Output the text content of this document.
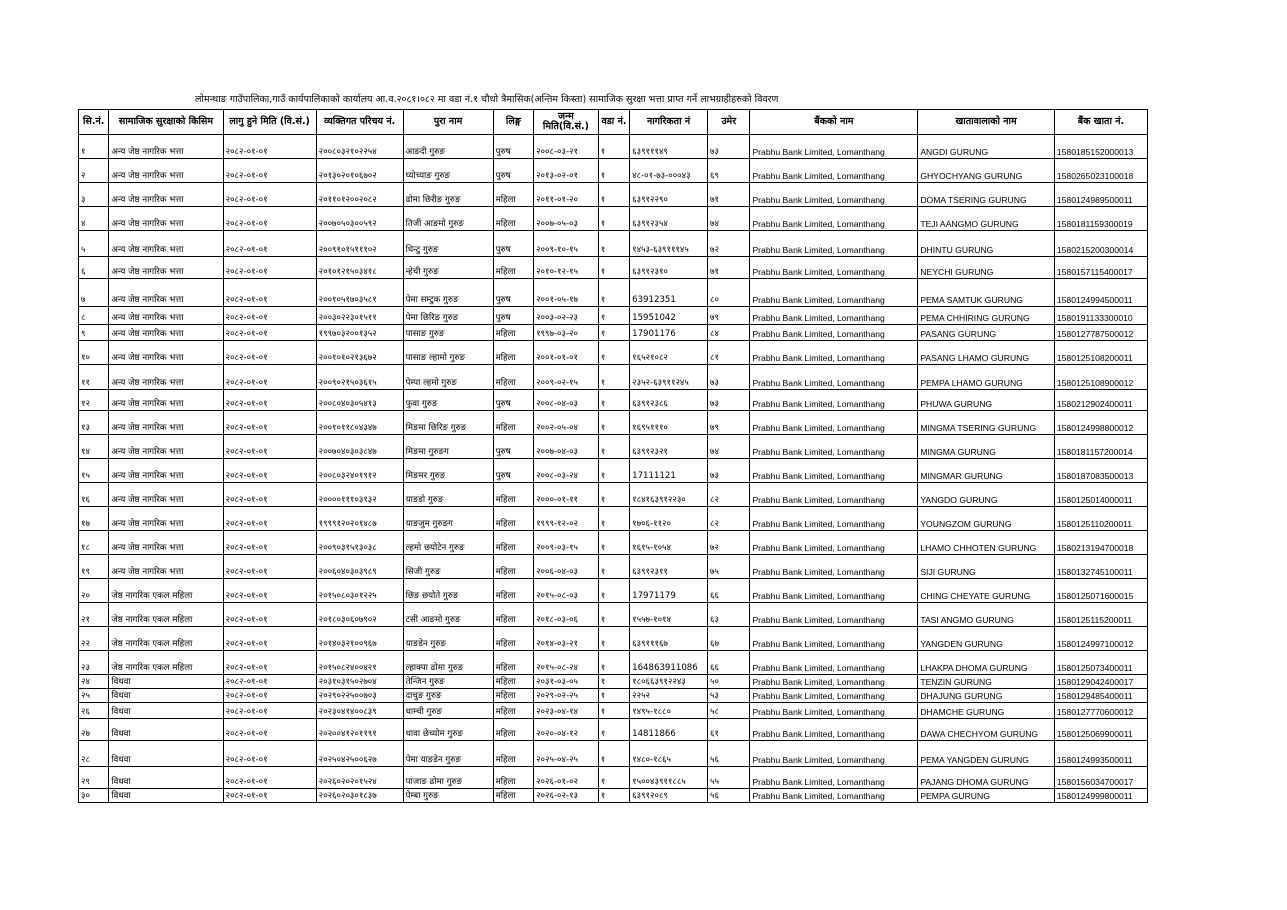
लोमन्थाङ गाउँपालिका,गाउँ कार्यपालिकाको कार्यालय आ.व.२०८१।०८२ मा वडा नं.१ चौथो त्रैमासिक(अन्तिम किस्ता) सामाजिक सुरक्षा भत्ता प्राप्त गर्ने लाभग्राहीहरुको विवरण
सि.नं.	सामाजिक सुरक्षाको किसिम	लागु हुने मिति (वि.सं.)	व्यक्तिगत परिचय नं.	पुरा नाम	लिङ्ग	जन्म मिति(वि.सं.)	वडा नं.	नागरिकता नं	उमेर	बैंकको नाम	खातावालाको नाम	बैंक खाता नं.
१	अन्य जेष्ठ नागरिक भत्ता	२०८२-०१-०१	२००८०३२१०२२५४	आङदी गुरुङ	पुरुष	२००८-०३-२१	१	६३९१११४९	७३	Prabhu Bank Limited, Lomanthang	ANGDI GURUNG	1580185152000013
२	अन्य जेष्ठ नागरिक भत्ता	२०८२-०१-०१	२०१३०२०१०६७०२	घ्योच्याङ गुरुङ	पुरुष	२०१३-०२-०१	१	४८-०१-७३-०००४३	६९	Prabhu Bank Limited, Lomanthang	GHYOCHYANG GURUNG	1580265023100018
३	अन्य जेष्ठ नागरिक भत्ता	२०८२-०१-०१	२०११०१२००२०८२	ढोमा छिरीङ गुरुङ	महिला	२०११-०१-२०	१	६३९१२२९०	७१	Prabhu Bank Limited, Lomanthang	DOMA TSERING GURUNG	1580124989500011
४	अन्य जेष्ठ नागरिक भत्ता	२०८२-०१-०१	२००७०५०३००५९२	तिजी आङमो गुरुङ	महिला	२००७-०५-०३	१	६३९१२३५४	७४	Prabhu Bank Limited, Lomanthang	TEJI AANGMO GURUNG	1580181159300019
५	अन्य जेष्ठ नागरिक भत्ता	२०८२-०१-०१	२००९१०१५१११०२	धिन्टु गुरुङ	पुरुष	२००९-१०-१५	१	१४५३-६३९१११४५	७२	Prabhu Bank Limited, Lomanthang	DHINTU GURUNG	1580215200300014
६	अन्य जेष्ठ नागरिक भत्ता	२०८२-०१-०१	२०१०१२१५०३४१८	न्हेची गुरुङ	महिला	२०१०-१२-१५	१	६३९१२३१०	७१	Prabhu Bank Limited, Lomanthang	NEYCHI GURUNG	1580157115400017
७	अन्य जेष्ठ नागरिक भत्ता	२०८२-०१-०१	२००१०५१७०३५८१	पेमा सम्टुक गुरुङ	पुरुष	२००१-०५-१७	१	63912351	८०	Prabhu Bank Limited, Lomanthang	PEMA SAMTUK GURUNG	1580124994500011
८	अन्य जेष्ठ नागरिक भत्ता	२०८२-०१-०१	२००३०२२३०१५११	पेमा छिरिङ गुरुङ	पुरुष	२००३-०२-२३	१	15951042	७९	Prabhu Bank Limited, Lomanthang	PEMA CHHIRING GURUNG	1580191133300010
९	अन्य जेष्ठ नागरिक भत्ता	२०८२-०१-०१	१९९७०३२००१३५२	पासाङ गुरुङ	महिला	१९९७-०३-२०	१	17901176	८४	Prabhu Bank Limited, Lomanthang	PASANG GURUNG	1580127787500012
१०	अन्य जेष्ठ नागरिक भत्ता	२०८२-०१-०१	२००१०१०२१३६७२	पासाङ ल्हामो गुरुङ	महिला	२००१-०१-०१	१	१६५२१०८२	८१	Prabhu Bank Limited, Lomanthang	PASANG LHAMO GURUNG	1580125108200011
११	अन्य जेष्ठ नागरिक भत्ता	२०८२-०१-०१	२००९०२१५०३६१५	पेम्पा ल्हमो गुरुङ	महिला	२००९-०२-१५	१	२३५२-६३९११२४५	७३	Prabhu Bank Limited, Lomanthang	PEMPA LHAMO GURUNG	1580125108900012
१२	अन्य जेष्ठ नागरिक भत्ता	२०८२-०१-०१	२००८०४०३०५४१३	फुवा गुरुङ	पुरुष	२००८-०४-०३	१	६३९१२३८६	७३	Prabhu Bank Limited, Lomanthang	PHUWA GURUNG	1580212902400011
१३	अन्य जेष्ठ नागरिक भत्ता	२०८२-०१-०१	२००१०११८०४३४७	मिङमा छिरिङ गुरुङ	महिला	२००२-०५-०४	१	१६९५१११०	७९	Prabhu Bank Limited, Lomanthang	MINGMA TSERING GURUNG	1580124998800012
१४	अन्य जेष्ठ नागरिक भत्ता	२०८२-०१-०१	२००७०४०३०३८४७	मिङमा गुरुङग	पुरुष	२००७-०४-०३	१	६३९१२३२१	७४	Prabhu Bank Limited, Lomanthang	MINGMA GURUNG	1580181157200014
१५	अन्य जेष्ठ नागरिक भत्ता	२०८२-०१-०१	२००८०३२४०१९१२	मिङमर गुरुङ	पुरुष	२००८-०३-२४	१	17111121	७३	Prabhu Bank Limited, Lomanthang	MINGMAR GURUNG	1580187083500013
१६	अन्य जेष्ठ नागरिक भत्ता	२०८२-०१-०१	२००००१११०३१३२	याङडो गुरुङ	महिला	२०००-०१-११	१	१८४१६३९१२२३०	८२	Prabhu Bank Limited, Lomanthang	YANGDO GURUNG	1580125014000011
१७	अन्य जेष्ठ नागरिक भत्ता	२०८२-०१-०१	१९९९१२०२०१४८७	याङजुम गुरुङग	महिला	१९९९-१२-०२	१	१७०६-११२०	८२	Prabhu Bank Limited, Lomanthang	YOUNGZOM GURUNG	1580125110200011
१८	अन्य जेष्ठ नागरिक भत्ता	२०८२-०१-०१	२००९०३१५१३०३८	ल्हमो छयोटेन गुरुङ	महिला	२००९-०३-१५	१	१६१५-१०५४	७२	Prabhu Bank Limited, Lomanthang	LHAMO CHHOTEN GURUNG	1580213194700018
१९	अन्य जेष्ठ नागरिक भत्ता	२०८२-०१-०१	२००६०४०३०३९८९	सिजी गुरुङ	महिला	२००६-०४-०३	१	६३९१२३११	७५	Prabhu Bank Limited, Lomanthang	SIJI GURUNG	1580132745100011
२०	जेष्ठ नागरिक एकल महिला	२०८२-०१-०१	२०१५०८०३०१२२५	छिङ छयोते गुरुङ	महिला	२०१५-०८-०३	१	17971179	६६	Prabhu Bank Limited, Lomanthang	CHING CHEYATE GURUNG	1580125071600015
२१	जेष्ठ नागरिक एकल महिला	२०८२-०१-०१	२०१८०३०६०७९०२	टसी आङमो गुरुङ	महिला	२०१८-०३-०६	१	१५५७-१०१४	६३	Prabhu Bank Limited, Lomanthang	TASI ANGMO GURUNG	1580125115200011
२२	जेष्ठ नागरिक एकल महिला	२०८२-०१-०१	२०१४०३२१००९६७	याङडेन गुरुङ	महिला	२०१४-०३-२१	१	६३९१११६७	६७	Prabhu Bank Limited, Lomanthang	YANGDEN GURUNG	1580124997100012
२३	जेष्ठ नागरिक एकल महिला	२०८२-०१-०१	२०१५०८२४००४२१	ल्हाक्पा ढोमा गुरुङ	महिला	२०१५-०८-२४	१	164863911086	६६	Prabhu Bank Limited, Lomanthang	LHAKPA DHOMA GURUNG	1580125073400011
२४	विधवा	२०८२-०१-०१	२०३१०३१५०२७०४	तेन्जिन गुरुङ	महिला	२०३१-०३-०५	१	१८०६६३९१२२४३	५०	Prabhu Bank Limited, Lomanthang	TENZIN GURUNG	1580129042400017
२५	विधवा	२०८२-०१-०१	२०२९०२२५००७०३	दाचुङ गुरुङ	महिला	२०२९-०२-२५	१	२२५२	५३	Prabhu Bank Limited, Lomanthang	DHAJUNG GURUNG	1580129485400011
२६	विधवा	२०८२-०१-०१	२०२३०४१४००८३९	धाम्ची गुरुङ	महिला	२०२३-०४-१४	१	१४९५-१८८०	५८	Prabhu Bank Limited, Lomanthang	DHAMCHE GURUNG	1580127770600012
२७	विधवा	२०८२-०१-०१	२०२००४१२०११९१	धावा छेच्योम गुरुङ	महिला	२०२०-०४-१२	१	14811866	६१	Prabhu Bank Limited, Lomanthang	DAWA CHECHYOM GURUNG	1580125069900011
२८	विधवा	२०८२-०१-०१	२०२५०४२५००६२७	पेमा याङडेन गुरुङ	महिला	२०२५-०४-२५	१	१४८०-१८६५	५६	Prabhu Bank Limited, Lomanthang	PEMA YANGDEN GURUNG	1580124993500011
२९	विधवा	२०८२-०१-०१	२०२६०२०२०१५२४	पाजाङ ढोमा गुरुङ	महिला	२०२६-०१-०२	१	१५००४३९११८८५	५५	Prabhu Bank Limited, Lomanthang	PAJANG DHOMA GURUNG	1580156034700017
३०	विधवा	२०८२-०१-०१	२०२६०२०३०१८३७	पेम्बा गुरुङ	महिला	२०२६-०२-१३	१	६३९१२०८९	५६	Prabhu Bank Limited, Lomanthang	PEMPA GURUNG	1580124999800011
